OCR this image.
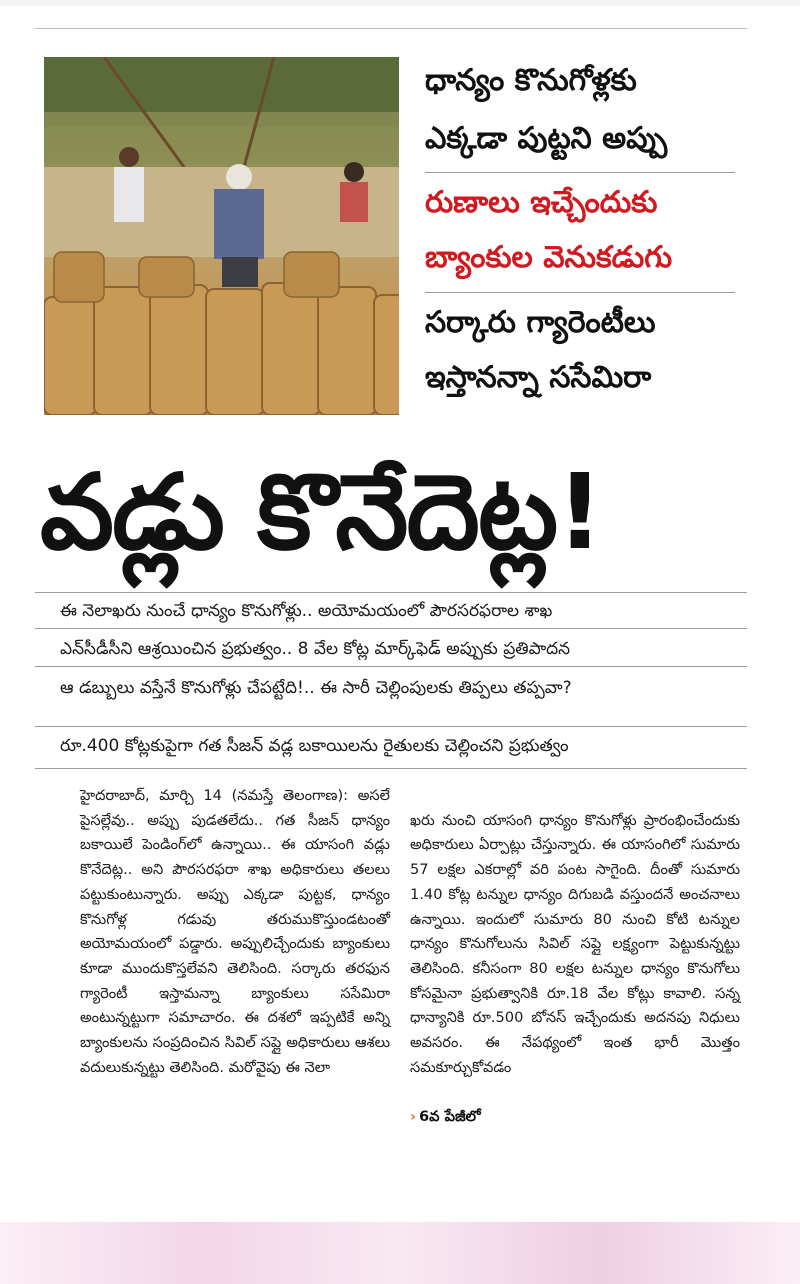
ధాన్యం కొనుగోళ్లకు
ఎక్కడా పుట్టని అప్పు
రుణాలు ఇచ్చేందుకు
బ్యాంకుల వెనుకడుగు
సర్కారు గ్యారెంటీలు
ఇస్తానన్నా ససేమిరా
వడ్లు కొనేదెట్ల!
ఈ నెలాఖరు నుంచే ధాన్యం కొనుగోళ్లు.. అయోమయంలో పౌరసరఫరాల శాఖ
ఎన్‌సీడీసీని ఆశ్రయించిన ప్రభుత్వం.. 8 వేల కోట్ల మార్క్‌ఫెడ్ అప్పుకు ప్రతిపాదన
ఆ డబ్బులు వస్తేనే కొనుగోళ్లు చేపట్టేది!.. ఈ సారీ చెల్లింపులకు తిప్పలు తప్పవా?
రూ.400 కోట్లకుపైగా గత సీజన్ వడ్ల బకాయిలను రైతులకు చెల్లించని ప్రభుత్వం
హైదరాబాద్, మార్చి 14 (నమస్తే తెలంగాణ): అసలే పైసల్లేవు.. అప్పు పుడతలేదు.. గత సీజన్ ధాన్యం బకాయిలే పెండింగ్‌లో ఉన్నాయి.. ఈ యాసంగి వడ్లు కొనేదెట్ల.. అని పౌరసరఫరా శాఖ అధికారులు తలలు పట్టుకుంటున్నారు. అప్పు ఎక్కడా పుట్టక, ధాన్యం కొనుగోళ్ల గడువు తరుముకొస్తుండటంతో అయోమయంలో పడ్డారు. అప్పులిచ్చేందుకు బ్యాంకులు కూడా ముందుకొస్తలేవని తెలిసింది. సర్కారు తరఫున గ్యారెంటీ ఇస్తామన్నా బ్యాంకులు ససేమిరా అంటున్నట్టుగా సమాచారం. ఈ దశలో ఇప్పటికే అన్ని బ్యాంకులను సంప్రదించిన సివిల్ సప్లై అధికారులు ఆశలు వదులుకున్నట్టు తెలిసింది. మరోవైపు ఈ నెలా

ఖరు నుంచి యాసంగి ధాన్యం కొనుగోళ్లు ప్రారంభించేందుకు అధికారులు ఏర్పాట్లు చేస్తున్నారు. ఈ యాసంగిలో సుమారు 57 లక్షల ఎకరాల్లో వరి పంట సాగైంది. దీంతో సుమారు 1.40 కోట్ల టన్నుల ధాన్యం దిగుబడి వస్తుందనే అంచనాలు ఉన్నాయి. ఇందులో సుమారు 80 నుంచి కోటి టన్నుల ధాన్యం కొనుగోలును సివిల్ సప్లై లక్ష్యంగా పెట్టుకున్నట్టు తెలిసింది. కనీసంగా 80 లక్షల టన్నుల ధాన్యం కొనుగోలు కోసమైనా ప్రభుత్వానికి రూ.18 వేల కోట్లు కావాలి. సన్న ధాన్యానికి రూ.500 బోనస్ ఇచ్చేందుకు అదనపు నిధులు అవసరం. ఈ నేపథ్యంలో ఇంత భారీ మొత్తం సమకూర్చుకోవడం

› 6వ పేజీలో
